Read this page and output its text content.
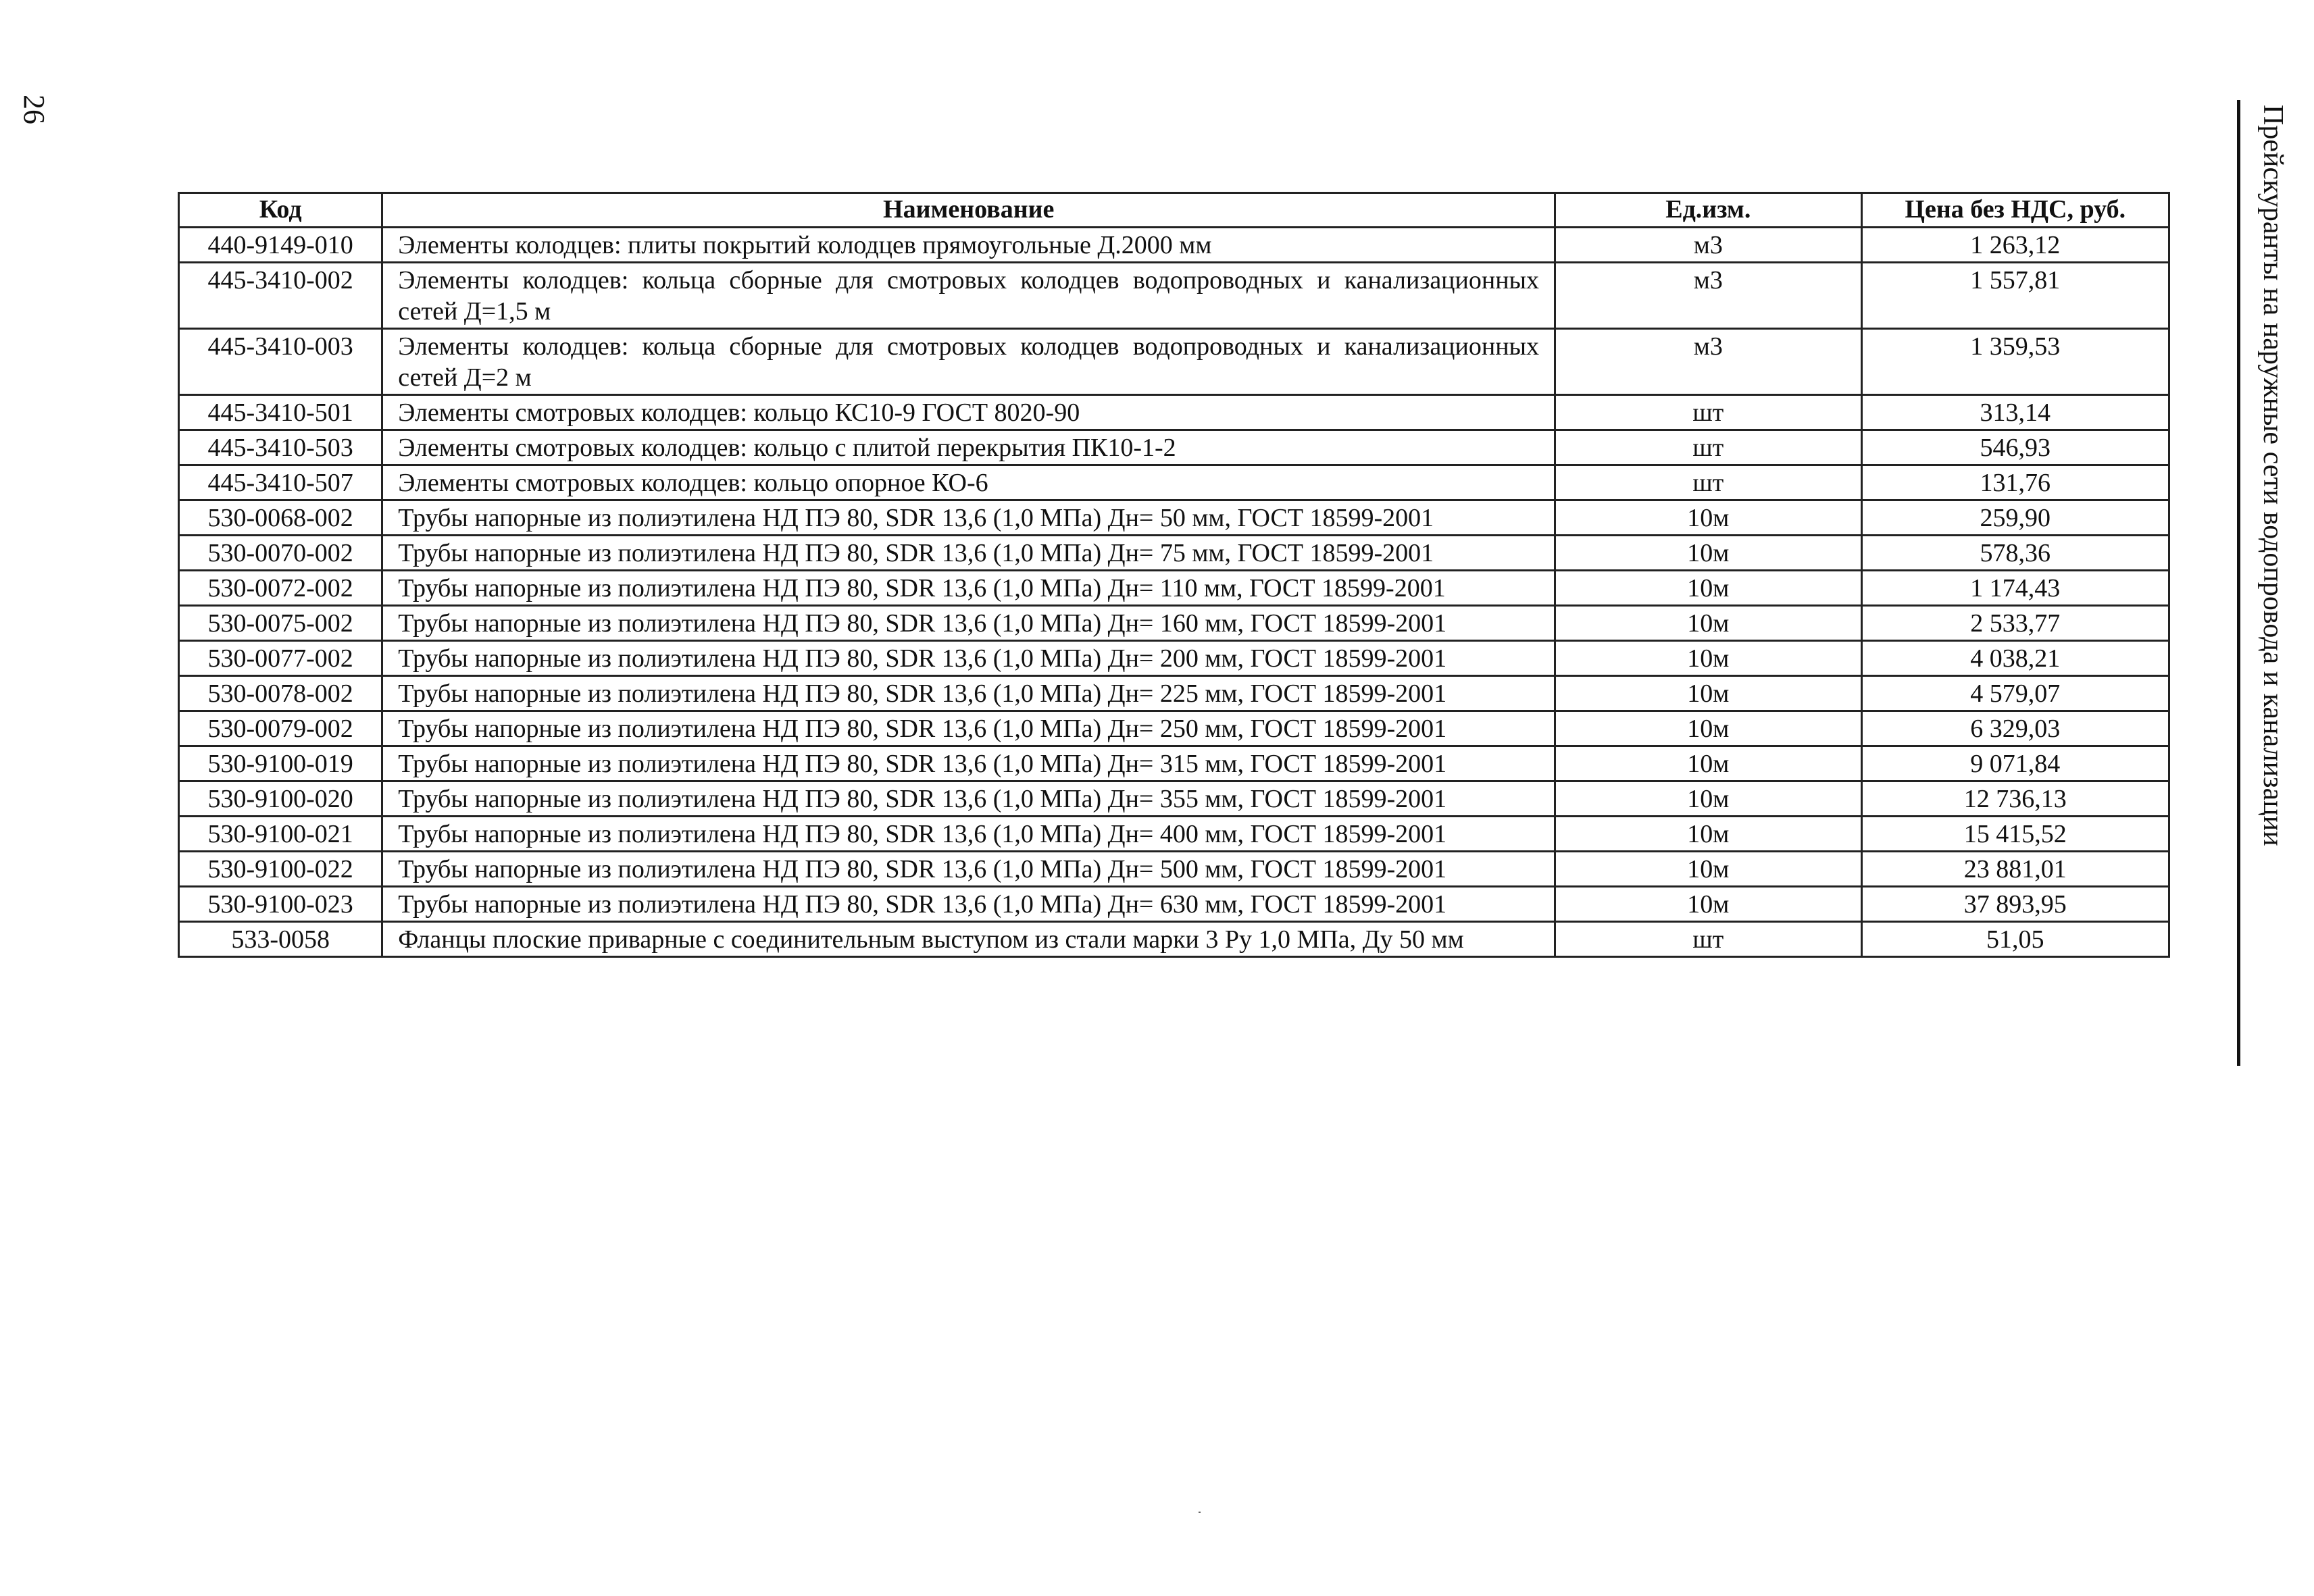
26	Прейскуранты на наружные сети водопровода и канализации
Код	Наименование	Ед.изм.	Цена без НДС, руб.
440-9149-010	Элементы колодцев: плиты покрытий колодцев прямоугольные Д.2000 мм	м3	1 263,12
445-3410-002	Элементы колодцев: кольца сборные для смотровых колодцев водопроводных и канализационных сетей Д=1,5 м	м3	1 557,81
445-3410-003	Элементы колодцев: кольца сборные для смотровых колодцев водопроводных и канализационных сетей Д=2 м	м3	1 359,53
445-3410-501	Элементы смотровых колодцев: кольцо КС10-9 ГОСТ 8020-90	шт	313,14
445-3410-503	Элементы смотровых колодцев: кольцо с плитой перекрытия ПК10-1-2	шт	546,93
445-3410-507	Элементы смотровых колодцев: кольцо опорное КО-6	шт	131,76
530-0068-002	Трубы напорные из полиэтилена НД ПЭ 80, SDR 13,6 (1,0 МПа) Дн= 50 мм, ГОСТ 18599-2001	10м	259,90
530-0070-002	Трубы напорные из полиэтилена НД ПЭ 80, SDR 13,6 (1,0 МПа) Дн= 75 мм, ГОСТ 18599-2001	10м	578,36
530-0072-002	Трубы напорные из полиэтилена НД ПЭ 80, SDR 13,6 (1,0 МПа) Дн= 110 мм, ГОСТ 18599-2001	10м	1 174,43
530-0075-002	Трубы напорные из полиэтилена НД ПЭ 80, SDR 13,6 (1,0 МПа) Дн= 160 мм, ГОСТ 18599-2001	10м	2 533,77
530-0077-002	Трубы напорные из полиэтилена НД ПЭ 80, SDR 13,6 (1,0 МПа) Дн= 200 мм, ГОСТ 18599-2001	10м	4 038,21
530-0078-002	Трубы напорные из полиэтилена НД ПЭ 80, SDR 13,6 (1,0 МПа) Дн= 225 мм, ГОСТ 18599-2001	10м	4 579,07
530-0079-002	Трубы напорные из полиэтилена НД ПЭ 80, SDR 13,6 (1,0 МПа) Дн= 250 мм, ГОСТ 18599-2001	10м	6 329,03
530-9100-019	Трубы напорные из полиэтилена НД ПЭ 80, SDR 13,6 (1,0 МПа) Дн= 315 мм, ГОСТ 18599-2001	10м	9 071,84
530-9100-020	Трубы напорные из полиэтилена НД ПЭ 80, SDR 13,6 (1,0 МПа) Дн= 355 мм, ГОСТ 18599-2001	10м	12 736,13
530-9100-021	Трубы напорные из полиэтилена НД ПЭ 80, SDR 13,6 (1,0 МПа) Дн= 400 мм, ГОСТ 18599-2001	10м	15 415,52
530-9100-022	Трубы напорные из полиэтилена НД ПЭ 80, SDR 13,6 (1,0 МПа) Дн= 500 мм, ГОСТ 18599-2001	10м	23 881,01
530-9100-023	Трубы напорные из полиэтилена НД ПЭ 80, SDR 13,6 (1,0 МПа) Дн= 630 мм, ГОСТ 18599-2001	10м	37 893,95
533-0058	Фланцы плоские приварные с соединительным выступом из стали марки 3 Ру 1,0 МПа, Ду 50 мм	шт	51,05
